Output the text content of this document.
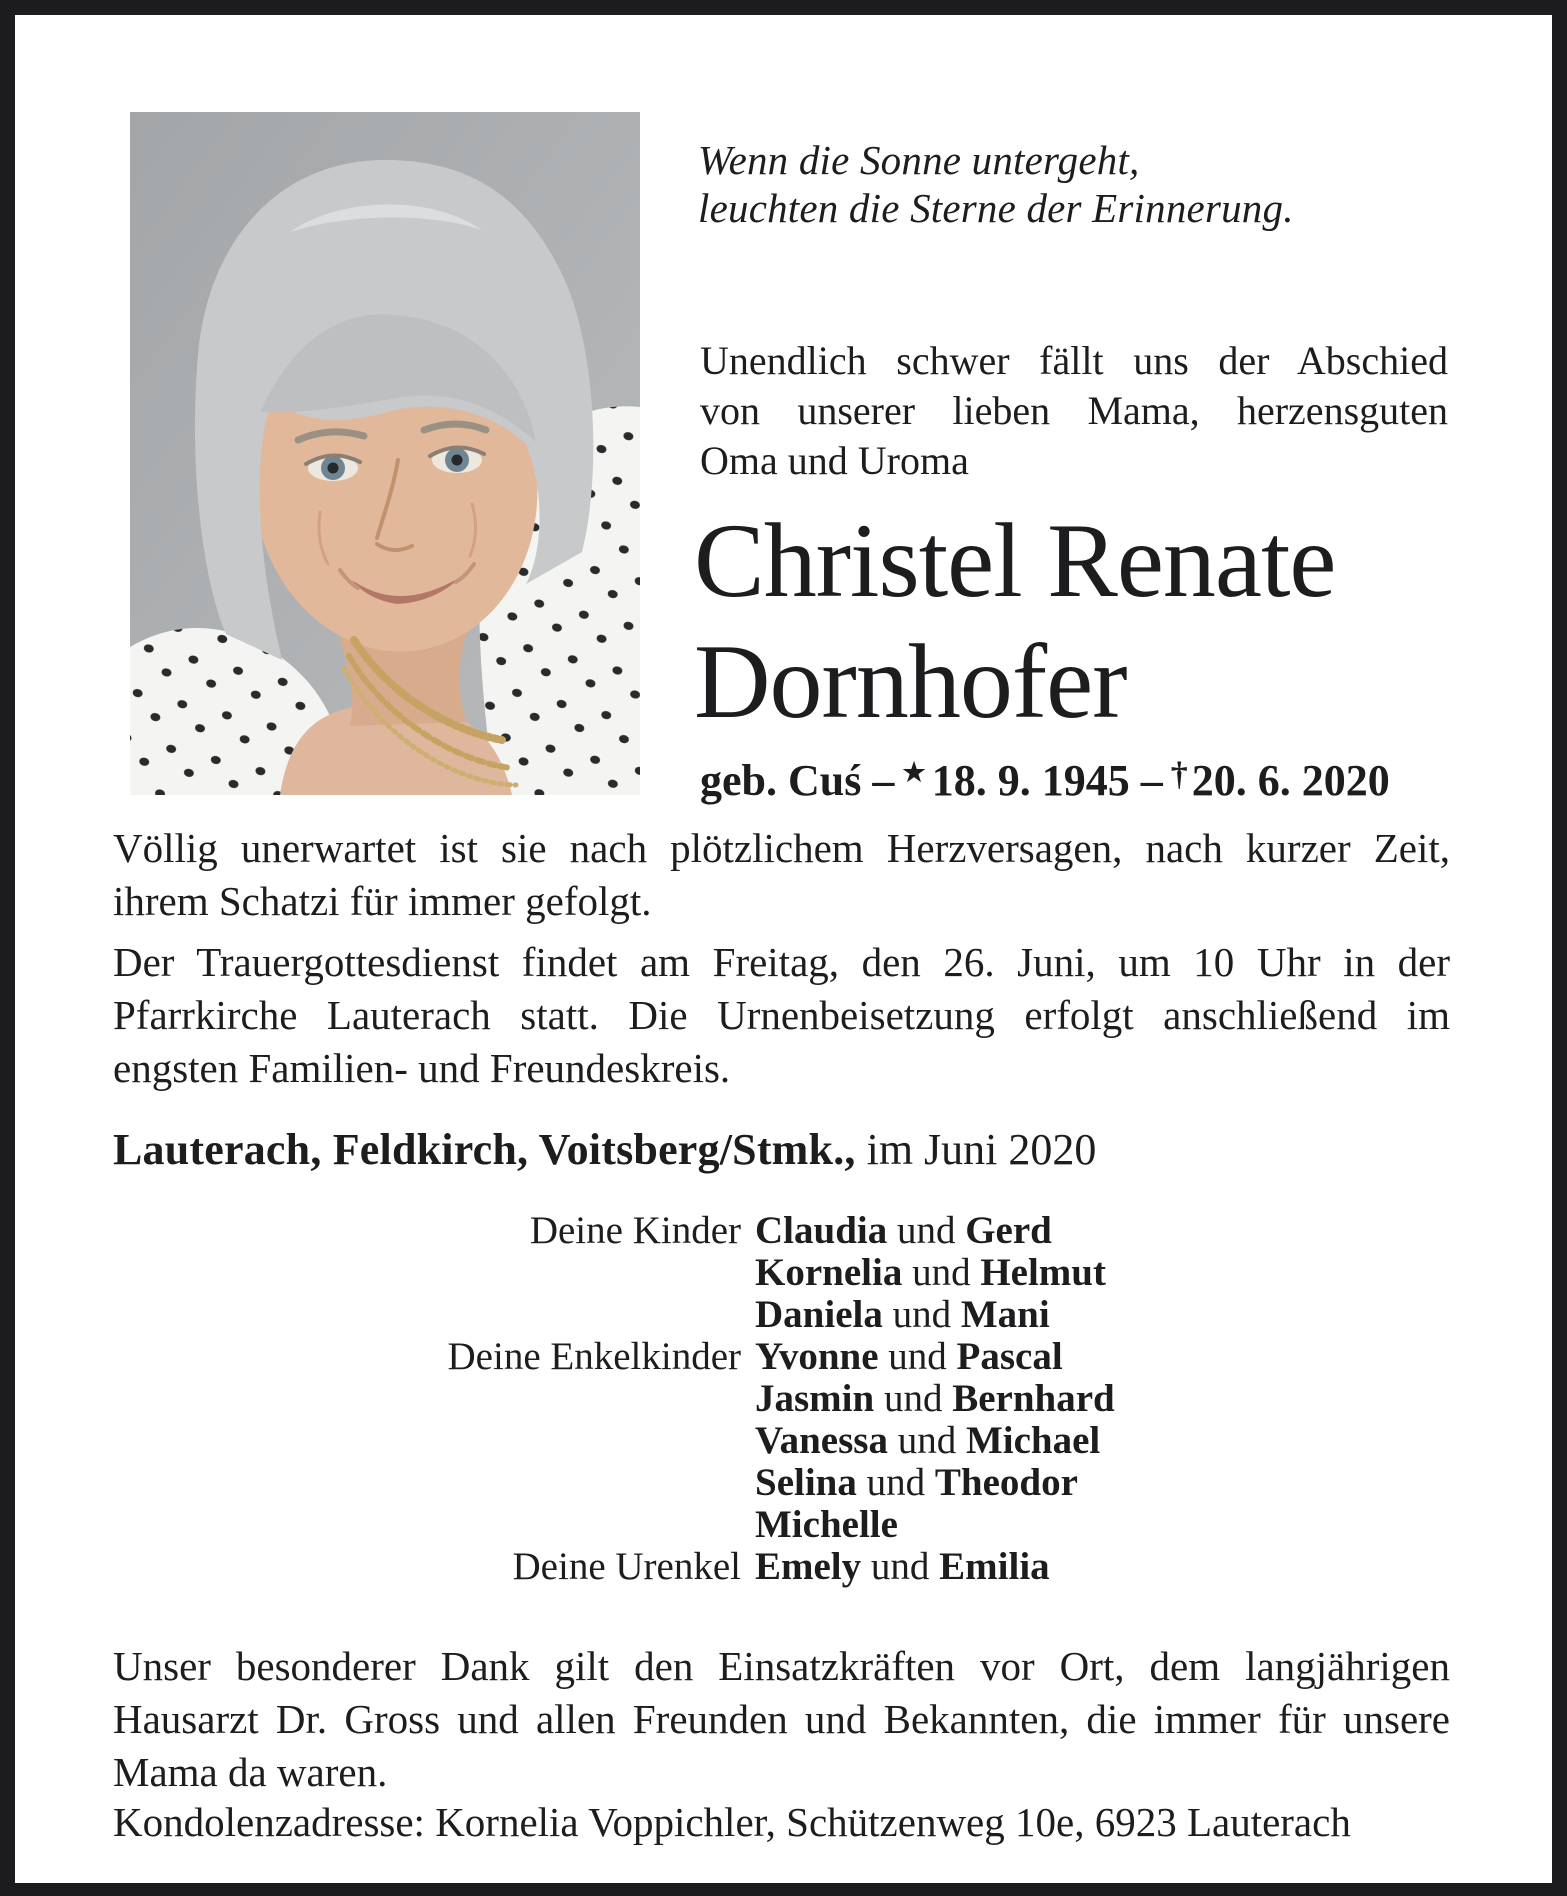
Wenn die Sonne untergeht,
leuchten die Sterne der Erinnerung.
Unendlich schwer fällt uns der Abschied
von unserer lieben Mama, herzensguten
Oma und Uroma
Christel Renate
Dornhofer
geb. Cuś – ★ 18. 9. 1945 – †20. 6. 2020
Völlig unerwartet ist sie nach plötzlichem Herzversagen, nach kurzer Zeit,
ihrem Schatzi für immer gefolgt.
Der Trauergottesdienst findet am Freitag, den 26. Juni, um 10 Uhr in der
Pfarrkirche Lauterach statt. Die Urnenbeisetzung erfolgt anschließend im
engsten Familien- und Freundeskreis.
Lauterach, Feldkirch, Voitsberg/Stmk., im Juni 2020
Deine Kinder Claudia und Gerd
Kornelia und Helmut
Daniela und Mani
Deine Enkelkinder Yvonne und Pascal
Jasmin und Bernhard
Vanessa und Michael
Selina und Theodor
Michelle
Deine Urenkel Emely und Emilia
Unser besonderer Dank gilt den Einsatzkräften vor Ort, dem langjährigen
Hausarzt Dr. Gross und allen Freunden und Bekannten, die immer für unsere
Mama da waren.
Kondolenzadresse: Kornelia Voppichler, Schützenweg 10e, 6923 Lauterach
